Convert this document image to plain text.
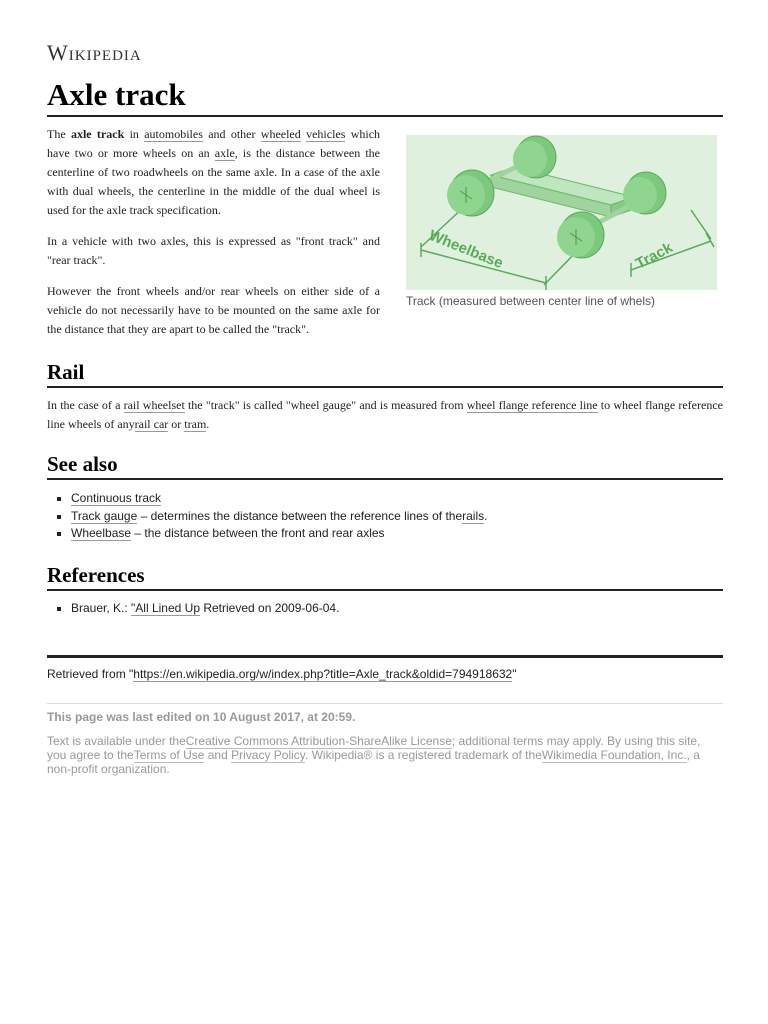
Wikipedia
Axle track

The axle track in automobiles and other wheeled vehicles which have two or more wheels on an axle, is the distance between the centerline of two roadwheels on the same axle. In a case of the axle with dual wheels, the centerline in the middle of the dual wheel is used for the axle track specification.

In a vehicle with two axles, this is expressed as "front track" and "rear track".

However the front wheels and/or rear wheels on either side of a vehicle do not necessarily have to be mounted on the same axle for the distance that they are apart to be called the "track".

Wheelbase	Track
Track (measured between center line of whels)
Rail
In the case of a rail wheelset the "track" is called "wheel gauge" and is measured from wheel flange reference line to wheel flange reference line wheels of anyrail car or tram.
See also
▪ Continuous track
▪ Track gauge – determines the distance between the reference lines of therails.
▪ Wheelbase – the distance between the front and rear axles
References
▪ Brauer, K.: "All Lined Up Retrieved on 2009-06-04.
Retrieved from "https://en.wikipedia.org/w/index.php?title=Axle_track&oldid=794918632"
This page was last edited on 10 August 2017, at 20:59.
Text is available under theCreative Commons Attribution-ShareAlike License; additional terms may apply. By using this site, you agree to theTerms of Use and Privacy Policy. Wikipedia® is a registered trademark of theWikimedia Foundation, Inc., a non-profit organization.
